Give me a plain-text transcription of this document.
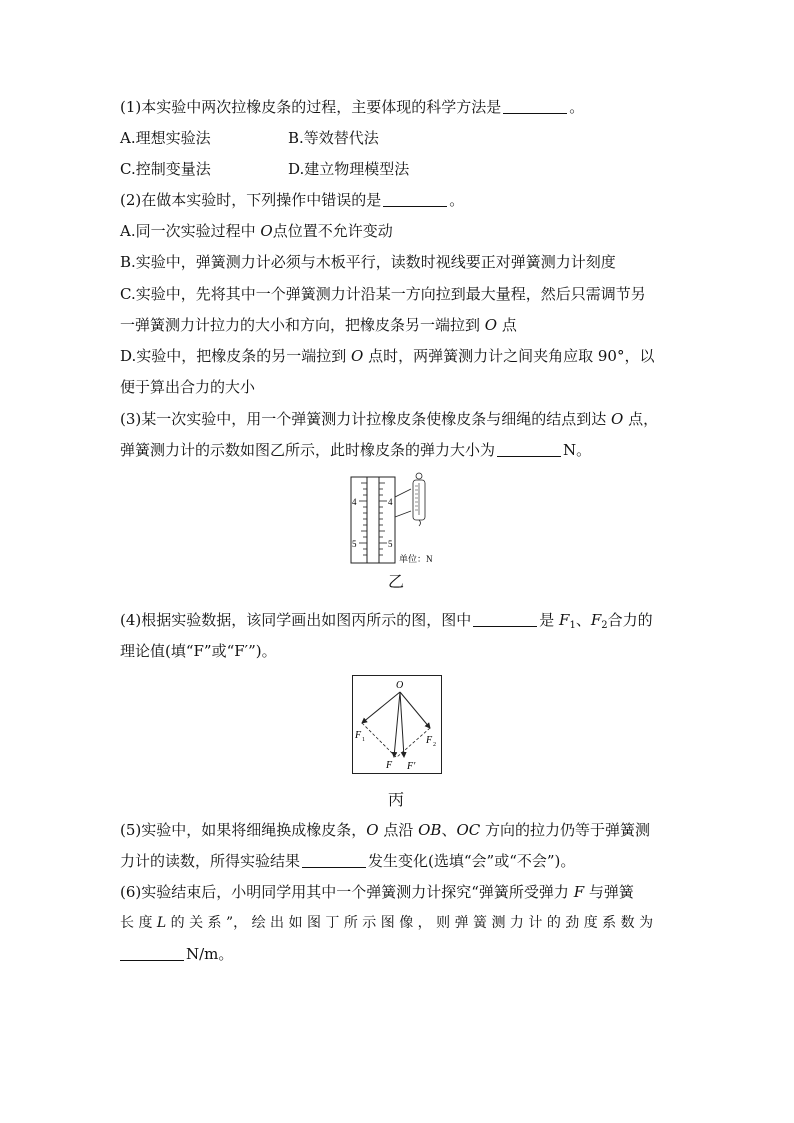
(1)本实验中两次拉橡皮条的过程，主要体现的科学方法是	。
A.理想实验法	B.等效替代法
C.控制变量法	D.建立物理模型法
(2)在做本实验时，下列操作中错误的是	。
A.同一次实验过程中 O点位置不允许变动
B.实验中，弹簧测力计必须与木板平行，读数时视线要正对弹簧测力计刻度
C.实验中，先将其中一个弹簧测力计沿某一方向拉到最大量程，然后只需调节另
一弹簧测力计拉力的大小和方向，把橡皮条另一端拉到 O 点
D.实验中，把橡皮条的另一端拉到 O 点时，两弹簧测力计之间夹角应取 90°，以
便于算出合力的大小
(3)某一次实验中，用一个弹簧测力计拉橡皮条使橡皮条与细绳的结点到达 O 点，
弹簧测力计的示数如图乙所示，此时橡皮条的弹力大小为	N。
4
5
4
5
单位：N
乙
(4)根据实验数据，该同学画出如图丙所示的图，图中	是 $F_1$、$F_2$合力的
理论值(填“F”或“F′”)。
O
F 1	F 2
F F′
丙
(5)实验中，如果将细绳换成橡皮条，O 点沿 OB、OC 方向的拉力仍等于弹簧测
力计的读数，所得实验结果	发生变化(选填“会”或“不会”)。
(6)实验结束后，小明同学用其中一个弹簧测力计探究“弹簧所受弹力 F 与弹簧
长 度 L 的 关 系 ”， 绘 出 如 图 丁 所 示 图 像 ， 则 弹 簧 测 力 计 的 劲 度 系 数 为
N/m。
